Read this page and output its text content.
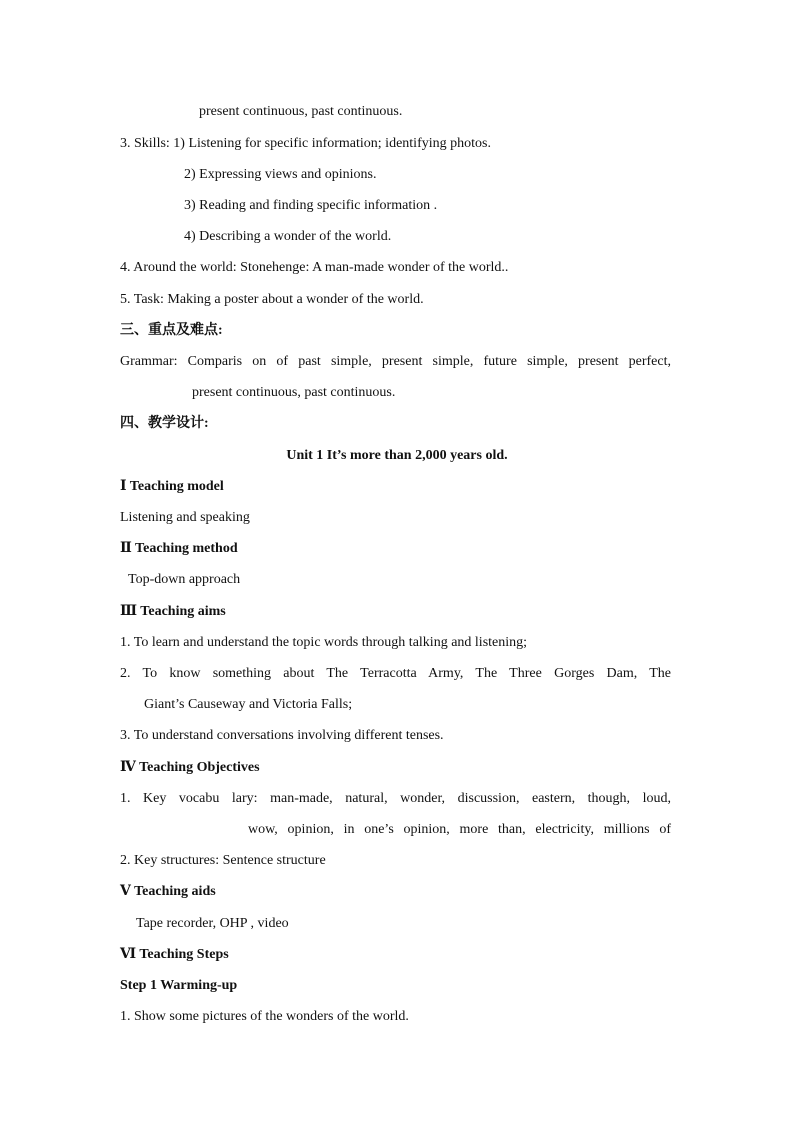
present continuous, past continuous.
3. Skills: 1) Listening for specific information; identifying photos.
2) Expressing views and opinions.
3) Reading and finding specific information .
4) Describing a wonder of the world.
4. Around the world: Stonehenge: A man-made wonder of the world..
5. Task: Making a poster about a wonder of the world.
三、重点及难点:
Grammar: Comparis on of past simple, present simple, future simple, present perfect,
present continuous, past continuous.
四、教学设计:
Unit 1 It’s more than 2,000 years old.
Ⅰ Teaching model
Listening and speaking
Ⅱ Teaching method
Top-down approach
Ⅲ Teaching aims
1. To learn and understand the topic words through talking and listening;
2. To know something about The Terracotta Army, The Three Gorges Dam, The
Giant’s Causeway and Victoria Falls;
3. To understand conversations involving different tenses.
Ⅳ Teaching Objectives
1. Key vocabu lary: man-made, natural, wonder, discussion, eastern, though, loud,
wow, opinion, in one’s opinion, more than, electricity, millions of
2. Key structures: Sentence structure
Ⅴ Teaching aids
Tape recorder, OHP , video
Ⅵ Teaching Steps
Step 1 Warming-up
1. Show some pictures of the wonders of the world.
